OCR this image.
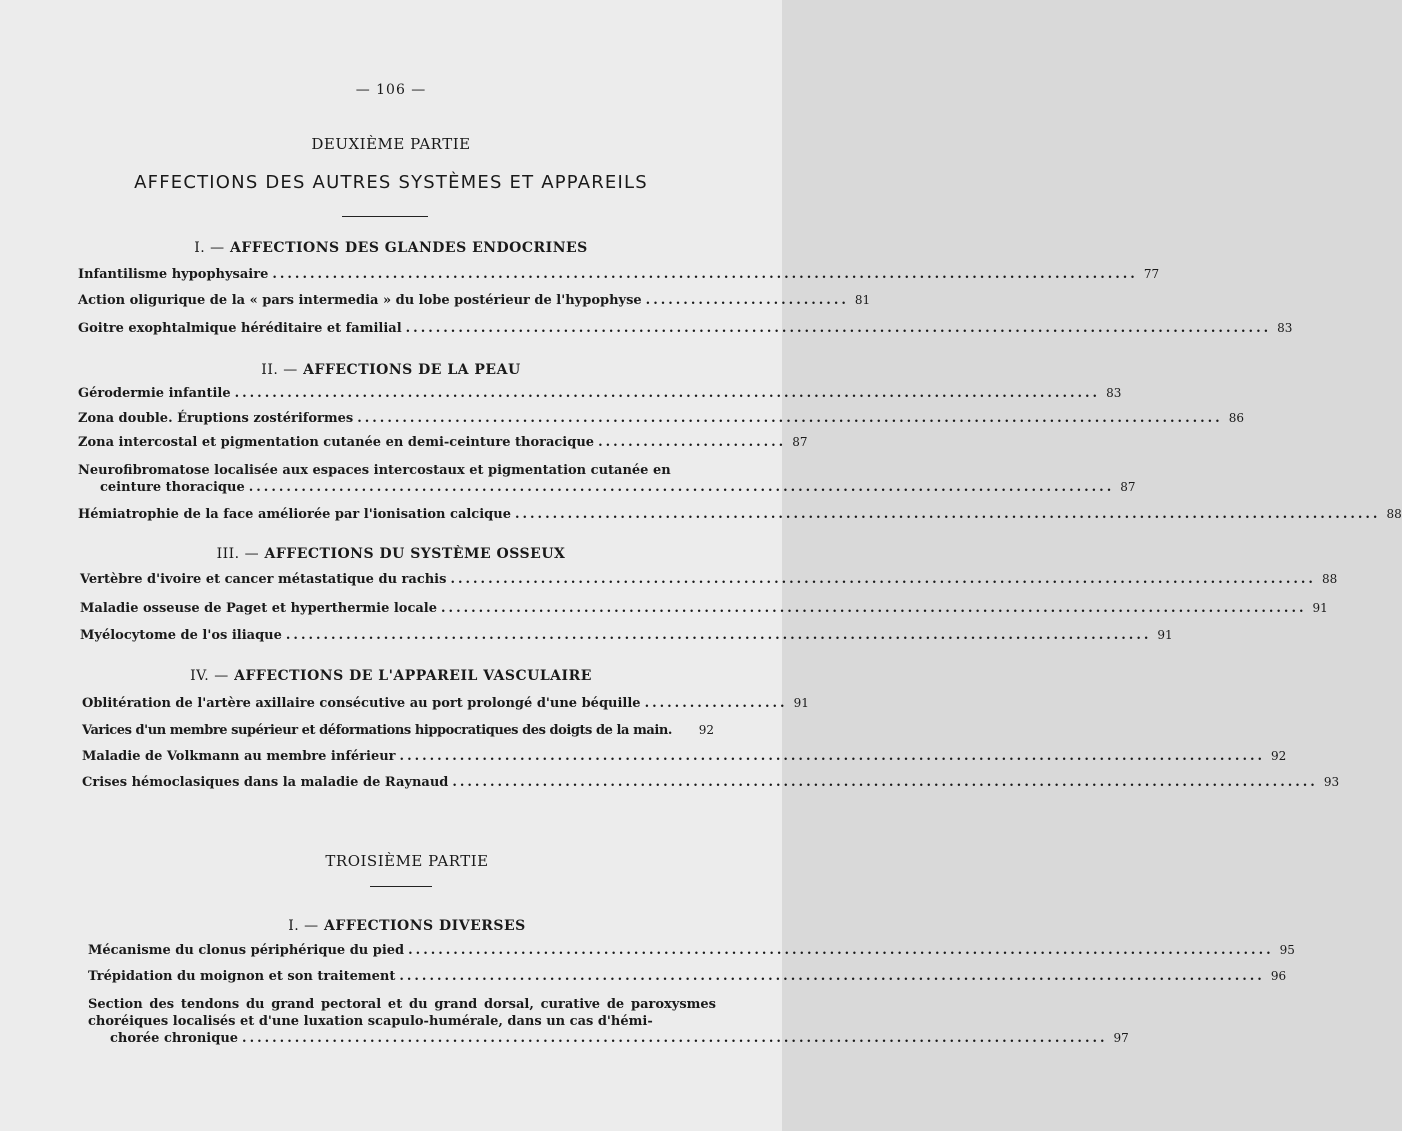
— 106 —
DEUXIÈME PARTIE
AFFECTIONS DES AUTRES SYSTÈMES ET APPAREILS
I. — AFFECTIONS DES GLANDES ENDOCRINES
Infantilisme hypophysaire ................................................................................................................... 77
Action oligurique de la « pars intermedia » du lobe postérieur de l'hypophyse ........................... 81
Goitre exophtalmique héréditaire et familial ................................................................................................................... 83
II. — AFFECTIONS DE LA PEAU
Gérodermie infantile ................................................................................................................... 83
Zona double. Éruptions zostériformes ................................................................................................................... 86
Zona intercostal et pigmentation cutanée en demi-ceinture thoracique ......................... 87
Neurofibromatose localisée aux espaces intercostaux et pigmentation cutanée en
ceinture thoracique ................................................................................................................... 87
Hémiatrophie de la face améliorée par l'ionisation calcique ................................................................................................................... 88
III. — AFFECTIONS DU SYSTÈME OSSEUX
Vertèbre d'ivoire et cancer métastatique du rachis ................................................................................................................... 88
Maladie osseuse de Paget et hyperthermie locale ................................................................................................................... 91
Myélocytome de l'os iliaque ................................................................................................................... 91
IV. — AFFECTIONS DE L'APPAREIL VASCULAIRE
Oblitération de l'artère axillaire consécutive au port prolongé d'une béquille ................... 91
Varices d'un membre supérieur et déformations hippocratiques des doigts de la main.	92
Maladie de Volkmann au membre inférieur ................................................................................................................... 92
Crises hémoclasiques dans la maladie de Raynaud ................................................................................................................... 93
TROISIÈME PARTIE
I. — AFFECTIONS DIVERSES
Mécanisme du clonus périphérique du pied ................................................................................................................... 95
Trépidation du moignon et son traitement ................................................................................................................... 96
Section des tendons du grand pectoral et du grand dorsal, curative de paroxysmes choréiques localisés et d'une luxation scapulo-humérale, dans un cas d'hémi-
chorée chronique ................................................................................................................... 97
